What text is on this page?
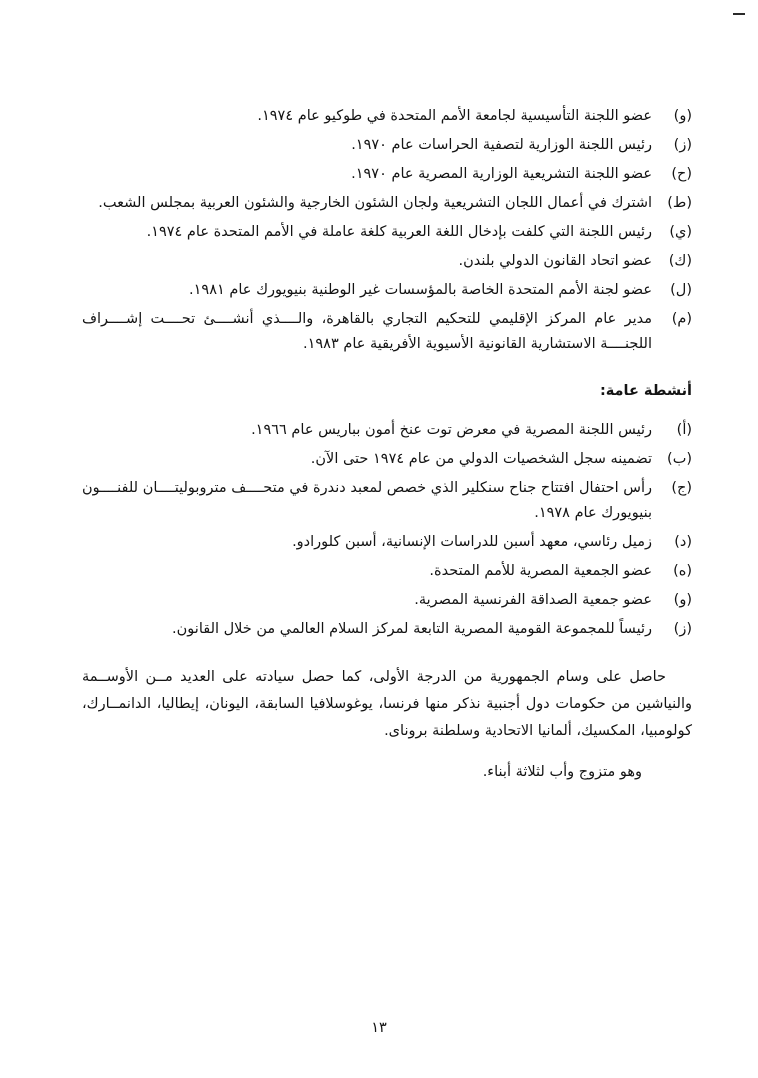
(و)
عضو اللجنة التأسيسية لجامعة الأمم المتحدة في طوكيو عام ١٩٧٤.
(ز)
رئيس اللجنة الوزارية لتصفية الحراسات عام ١٩٧٠.
(ح)
عضو اللجنة التشريعية الوزارية المصرية عام ١٩٧٠.
(ط)
اشترك في أعمال اللجان التشريعية ولجان الشئون الخارجية والشئون العربية بمجلس الشعب.
(ي)
رئيس اللجنة التي كلفت بإدخال اللغة العربية كلغة عاملة في الأمم المتحدة عام ١٩٧٤.
(ك)
عضو اتحاد القانون الدولي بلندن.
(ل)
عضو لجنة الأمم المتحدة الخاصة بالمؤسسات غير الوطنية بنيويورك عام ١٩٨١.
(م)
مدير عام المركز الإقليمي للتحكيم التجاري بالقاهرة، والــــذي أنشــــئ تحــــت إشــــراف اللجنــــة الاستشارية القانونية الأسيوية الأفريقية عام ١٩٨٣.
أنشطة عامة:
(أ)
رئيس اللجنة المصرية في معرض توت عنخ أمون بباريس عام ١٩٦٦.
(ب)
تضمينه سجل الشخصيات الدولي من عام ١٩٧٤ حتى الآن.
(ج)
رأس احتفال افتتاح جناح سنكلير الذي خصص لمعبد دندرة في متحــــف متروبوليتــــان للفنــــون بنيويورك عام ١٩٧٨.
(د)
زميل رئاسي، معهد أسبن للدراسات الإنسانية، أسبن كلورادو.
(ه)
عضو الجمعية المصرية للأمم المتحدة.
(و)
عضو جمعية الصداقة الفرنسية المصرية.
(ز)
رئيساً للمجموعة القومية المصرية التابعة لمركز السلام العالمي من خلال القانون.

حاصل على وسام الجمهورية من الدرجة الأولى، كما حصل سيادته على العديد مــن الأوســمة والنياشين من حكومات دول أجنبية نذكر منها فرنسا، يوغوسلافيا السابقة، اليونان، إيطاليا، الدانمــارك، كولومبيا، المكسيك، ألمانيا الاتحادية وسلطنة بروناى.

وهو متزوج وأب لثلاثة أبناء.

١٣
